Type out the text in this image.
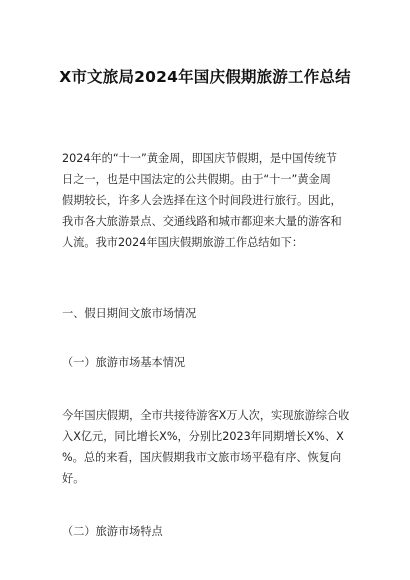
X市文旅局2024年国庆假期旅游工作总结
2024年的“十一”黄金周，即国庆节假期，是中国传统节
日之一，也是中国法定的公共假期。由于“十一”黄金周
假期较长，许多人会选择在这个时间段进行旅行。因此，
我市各大旅游景点、交通线路和城市都迎来大量的游客和
人流。我市2024年国庆假期旅游工作总结如下：
一、假日期间文旅市场情况
（一）旅游市场基本情况
今年国庆假期，全市共接待游客X万人次，实现旅游综合收
入X亿元，同比增长X%，分别比2023年同期增长X%、X
%。总的来看，国庆假期我市文旅市场平稳有序、恢复向
好。
（二）旅游市场特点
